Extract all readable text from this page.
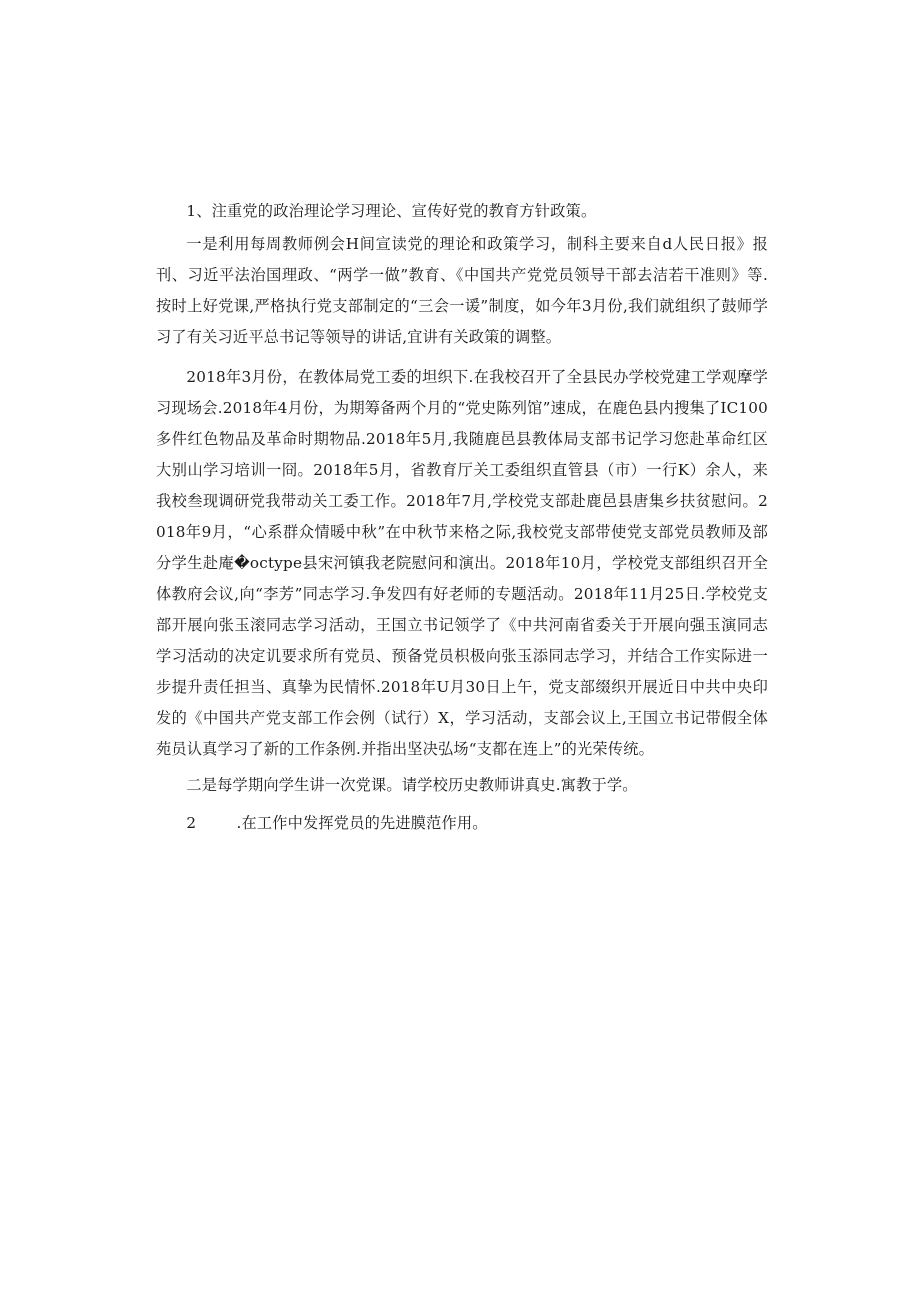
1、注重党的政治理论学习理论、宣传好党的教育方针政策。

一是利用每周教师例会H间宣读党的理论和政策学习，制科主要来自d人民日报》报刊、习近平法治国理政、“两学一做”教育、《中国共产党党员领导干部去洁若干准则》等.按时上好党课,严格执行党支部制定的“三会一谖”制度，如今年3月份,我们就组织了鼓师学习了有关习近平总书记等领导的讲话,宜讲有关政策的调整。

2018年3月份，在教体局党工委的坦织下.在我校召开了全县民办学校党建工学观摩学习现场会.2018年4月份，为期筹备两个月的“党史陈列馆”速成，在鹿色县内搜集了IC100多件红色物品及革命时期物品.2018年5月,我随鹿邑县教体局支部书记学习您赴革命红区大别山学习培训一冏。2018年5月，省教育厅关工委组织直管县（市）一行K）余人，来我校叁现调研党我带动关工委工作。2018年7月,学校党支部赴鹿邑县唐集乡扶贫慰问。2018年9月，“心系群众情暖中秋”在中秋节来格之际,我校党支部带使党支部党员教师及部分学生赴庵�octype县宋河镇我老院慰问和演出。2018年10月，学校党支部组织召开全体教府会议,向“李芳”同志学习.争发四有好老师的专题活动。2018年11月25日.学校党支部开展向张玉滚同志学习活动，王国立书记领学了《中共河南省委关于开展向强玉演同志学习活动的决定讥要求所有党员、预备党员枳极向张玉添同志学习，并结合工作实际进一步提升责任担当、真挚为民情怀.2018年U月30日上午，党支部缀织开展近日中共中央印发的《中国共产党支部工作会例（试行）X，学习活动，支部会议上,王国立书记带假全体苑员认真学习了新的工作条例.并指出坚决弘场“支都在连上”的光荣传统。

二是每学期向学生讲一次党课。请学校历史教师讲真史.寓教于学。

2	.在工作中发挥党员的先进膜范作用。
